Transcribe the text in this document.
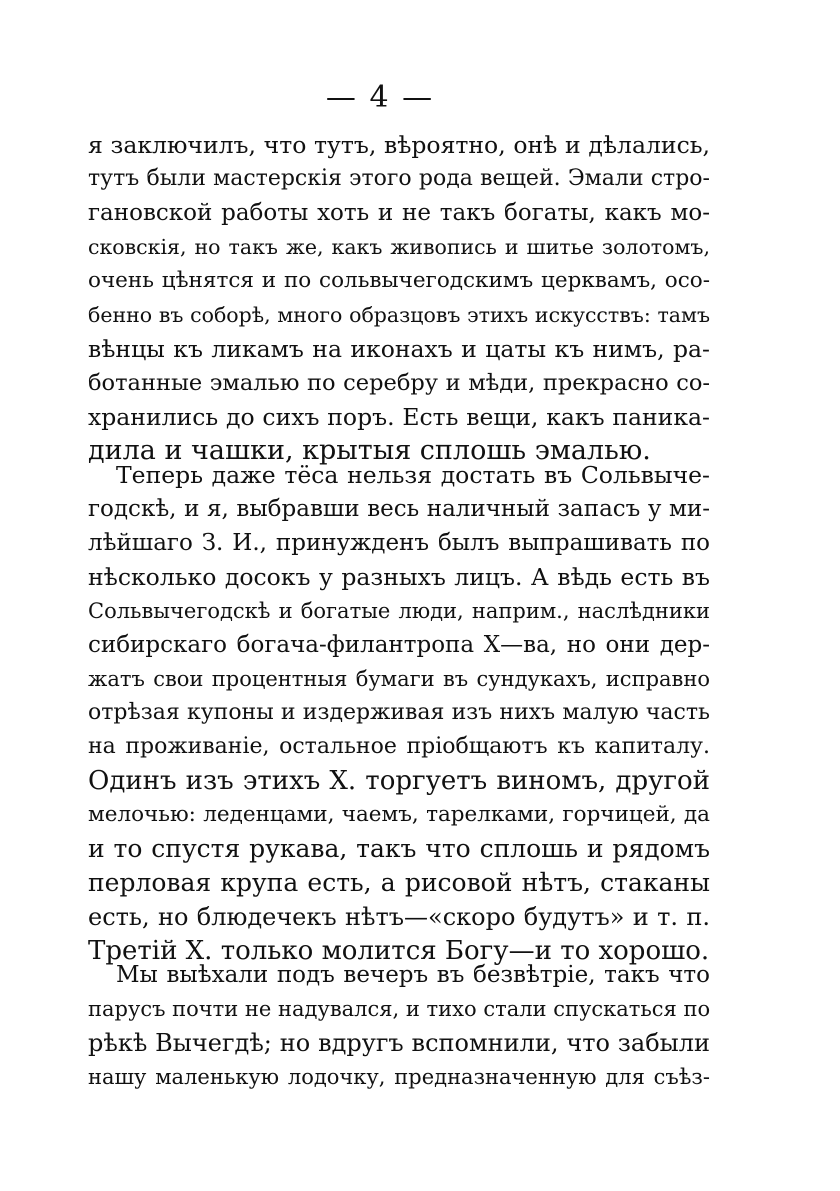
— 4 —
я заключилъ, что тутъ, вѣроятно, онѣ и дѣлались,
тутъ были мастерскія этого рода вещей. Эмали стро-
гановской работы хоть и не такъ богаты, какъ мо-
сковскія, но такъ же, какъ живопись и шитье золотомъ,
очень цѣнятся и по сольвычегодскимъ церквамъ, осо-
бенно въ соборѣ, много образцовъ этихъ искусствъ: тамъ
вѣнцы къ ликамъ на иконахъ и цаты къ нимъ, ра-
ботанные эмалью по серебру и мѣди, прекрасно со-
хранились до сихъ поръ. Есть вещи, какъ паника-
дила и чашки, крытыя сплошь эмалью.
Теперь даже тёса нельзя достать въ Сольвычe-
годскѣ, и я, выбравши весь наличный запасъ у ми-
лѣйшаго З. И., принужденъ былъ выпрашивать по
нѣсколько досокъ у разныхъ лицъ. А вѣдь есть въ
Сольвычегодскѣ и богатые люди, наприм., наслѣдники
сибирскаго богача-филантропа Х—ва, но они дер-
жатъ свои процентныя бумаги въ сундукахъ, исправно
отрѣзая купоны и издерживая изъ нихъ малую часть
на проживаніе, остальное пріобщаютъ къ капиталу.
Одинъ изъ этихъ Х. торгуетъ виномъ, другой
мелочью: леденцами, чаемъ, тарелками, горчицей, да
и то спустя рукава, такъ что сплошь и рядомъ
перловая крупа есть, а рисовой нѣтъ, стаканы
есть, но блюдечекъ нѣтъ—«скоро будутъ» и т. п.
Третій Х. только молится Богу—и то хорошо.
Мы выѣхали подъ вечеръ въ безвѣтріе, такъ что
парусъ почти не надувался, и тихо стали спускаться по
рѣкѣ Вычегдѣ; но вдругъ вспомнили, что забыли
нашу маленькую лодочку, предназначенную для съѣз-
